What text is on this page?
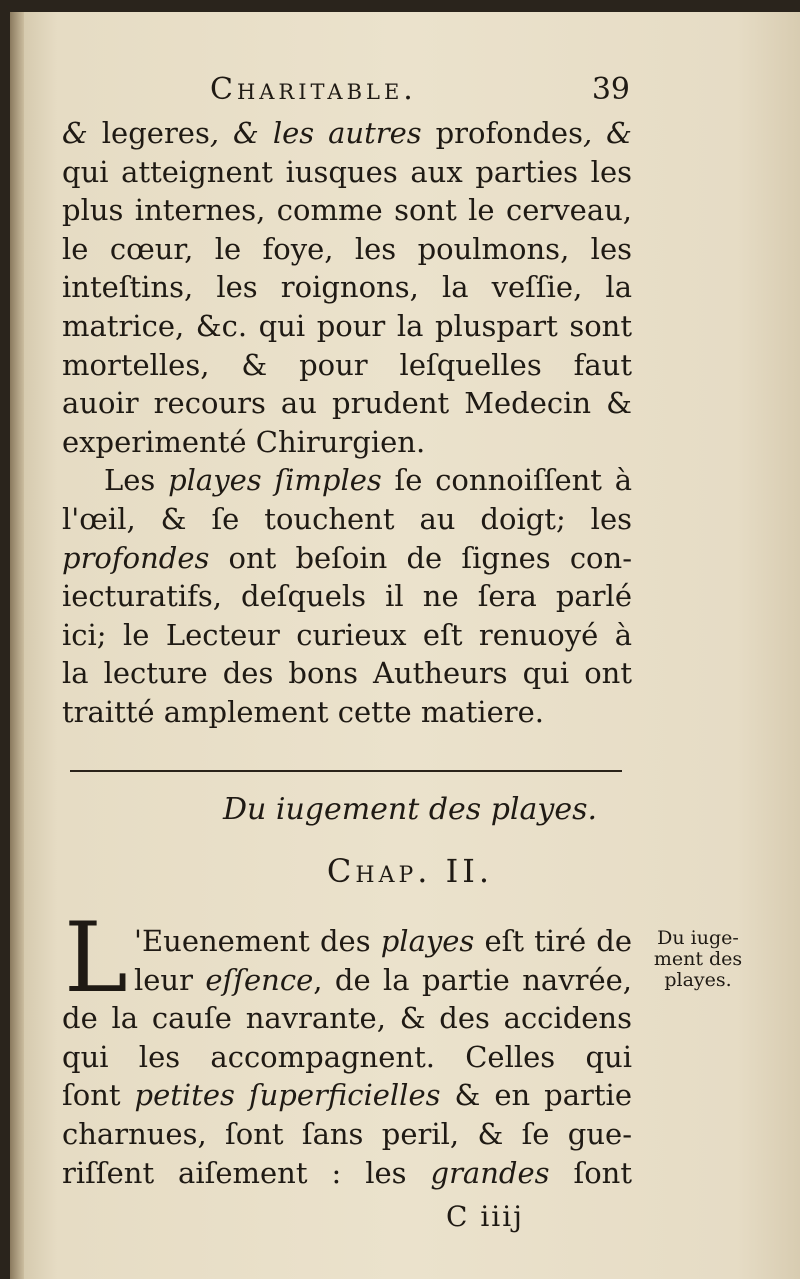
Charitable.	39
& legeres, & les autres profondes, &
qui atteignent iusques aux parties les
plus internes, comme sont le cerveau,
le cœur, le foye, les poulmons, les
inteſtins, les roignons, la veſſie, la
matrice, &c. qui pour la pluspart sont
mortelles, & pour leſquelles faut
auoir recours au prudent Medecin &
experimenté Chirurgien.
Les playes ſimples ſe connoiſſent à
l'œil, & ſe touchent au doigt; les
profondes ont beſoin de ſignes con-
iecturatifs, deſquels il ne ſera parlé
ici; le Lecteur curieux eſt renuoyé à
la lecture des bons Autheurs qui ont
traitté amplement cette matiere.
Du iugement des playes.
Chap. II.
L 'Euenement des playes eſt tiré de
leur eſſence, de la partie navrée,
de la cauſe navrante, & des accidens
qui les accompagnent. Celles qui
ſont petites ſuperficielles & en partie
charnues, ſont ſans peril, & ſe gue-
riſſent aiſement : les grandes ſont
Du iuge- ment des playes.
C iiij
